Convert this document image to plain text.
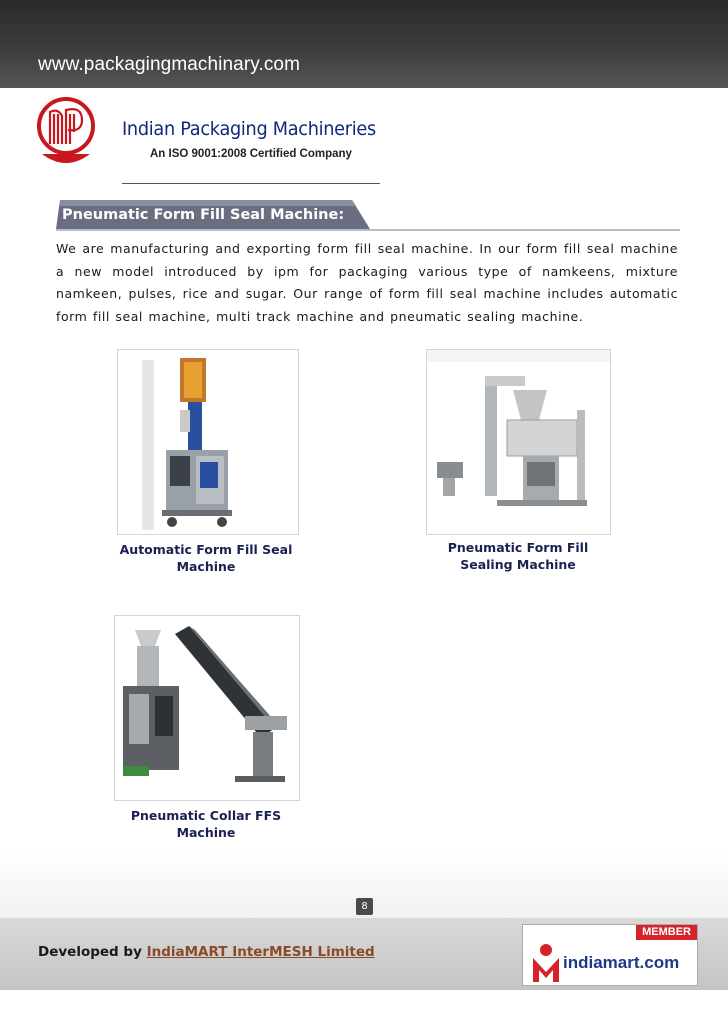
www.packagingmachinary.com
Indian Packaging Machineries
An ISO 9001:2008 Certified Company
Pneumatic Form Fill Seal Machine:
We are manufacturing and exporting form fill seal machine. In our form fill seal machine a new model introduced by ipm for packaging various type of namkeens, mixture namkeen, pulses, rice and sugar. Our range of form fill seal machine includes automatic form fill seal machine, multi track machine and pneumatic sealing machine.
Automatic Form Fill Seal
Machine
Pneumatic Form Fill
Sealing Machine
Pneumatic Collar FFS
Machine
8
Developed by IndiaMART InterMESH Limited
MEMBER
indiamart.com
